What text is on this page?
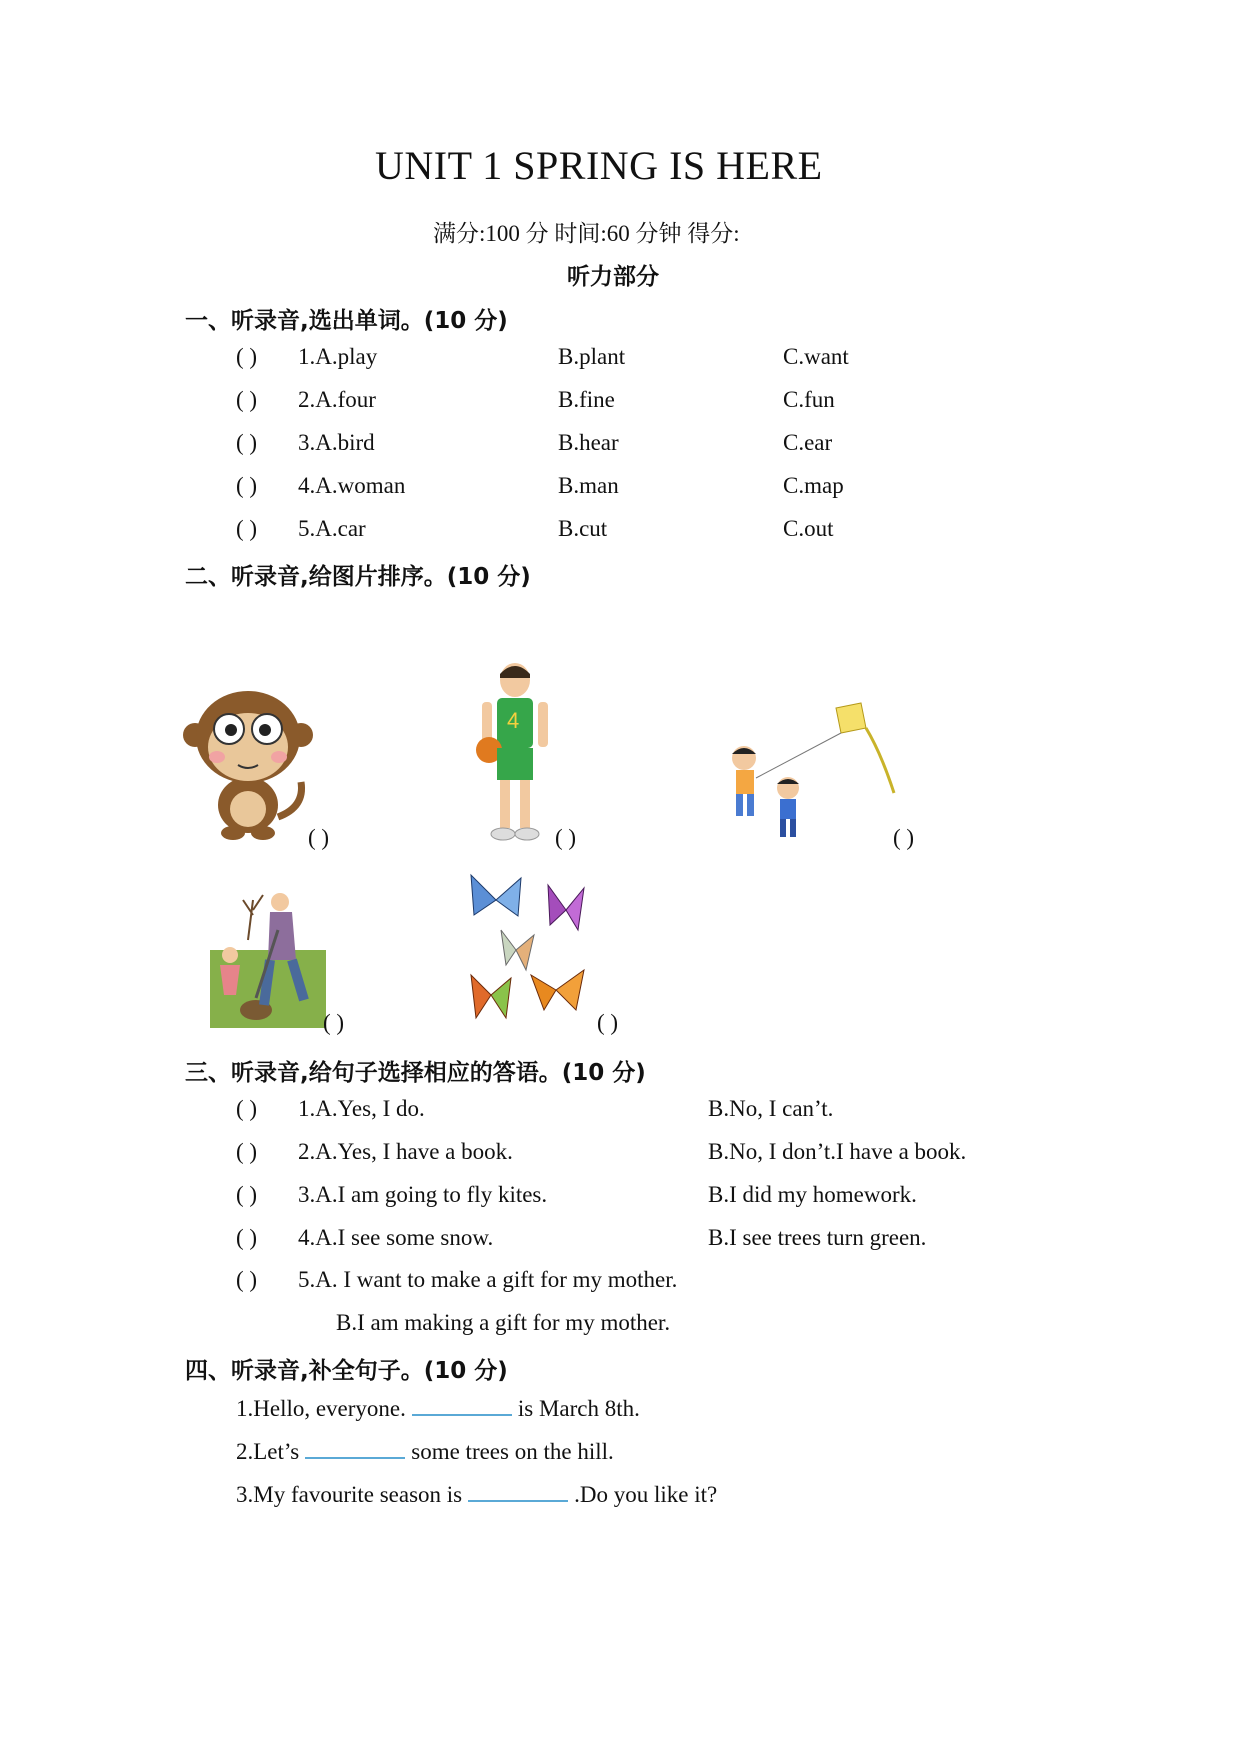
UNIT 1 SPRING IS HERE
满分:100 分 时间:60 分钟 得分:
听力部分
一、听录音,选出单词。(10 分)
( ) 1.A.play	B.plant	C.want
( ) 2.A.four	B.fine	C.fun
( ) 3.A.bird	B.hear	C.ear
( ) 4.A.woman	B.man	C.map
( ) 5.A.car	B.cut	C.out
二、听录音,给图片排序。(10 分)
( )
4
( )	( )
( )	( )
三、听录音,给句子选择相应的答语。(10 分)
( ) 1.A.Yes, I do.	B.No, I can’t.
( ) 2.A.Yes, I have a book.	B.No, I don’t.I have a book.
( ) 3.A.I am going to fly kites.	B.I did my homework.
( ) 4.A.I see some snow.	B.I see trees turn green.
( ) 5.A. I want to make a gift for my mother.
B.I am making a gift for my mother.
四、听录音,补全句子。(10 分)
1.Hello, everyone.	is March 8th.
2.Let’s	some trees on the hill.
3.My favourite season is	.Do you like it?
